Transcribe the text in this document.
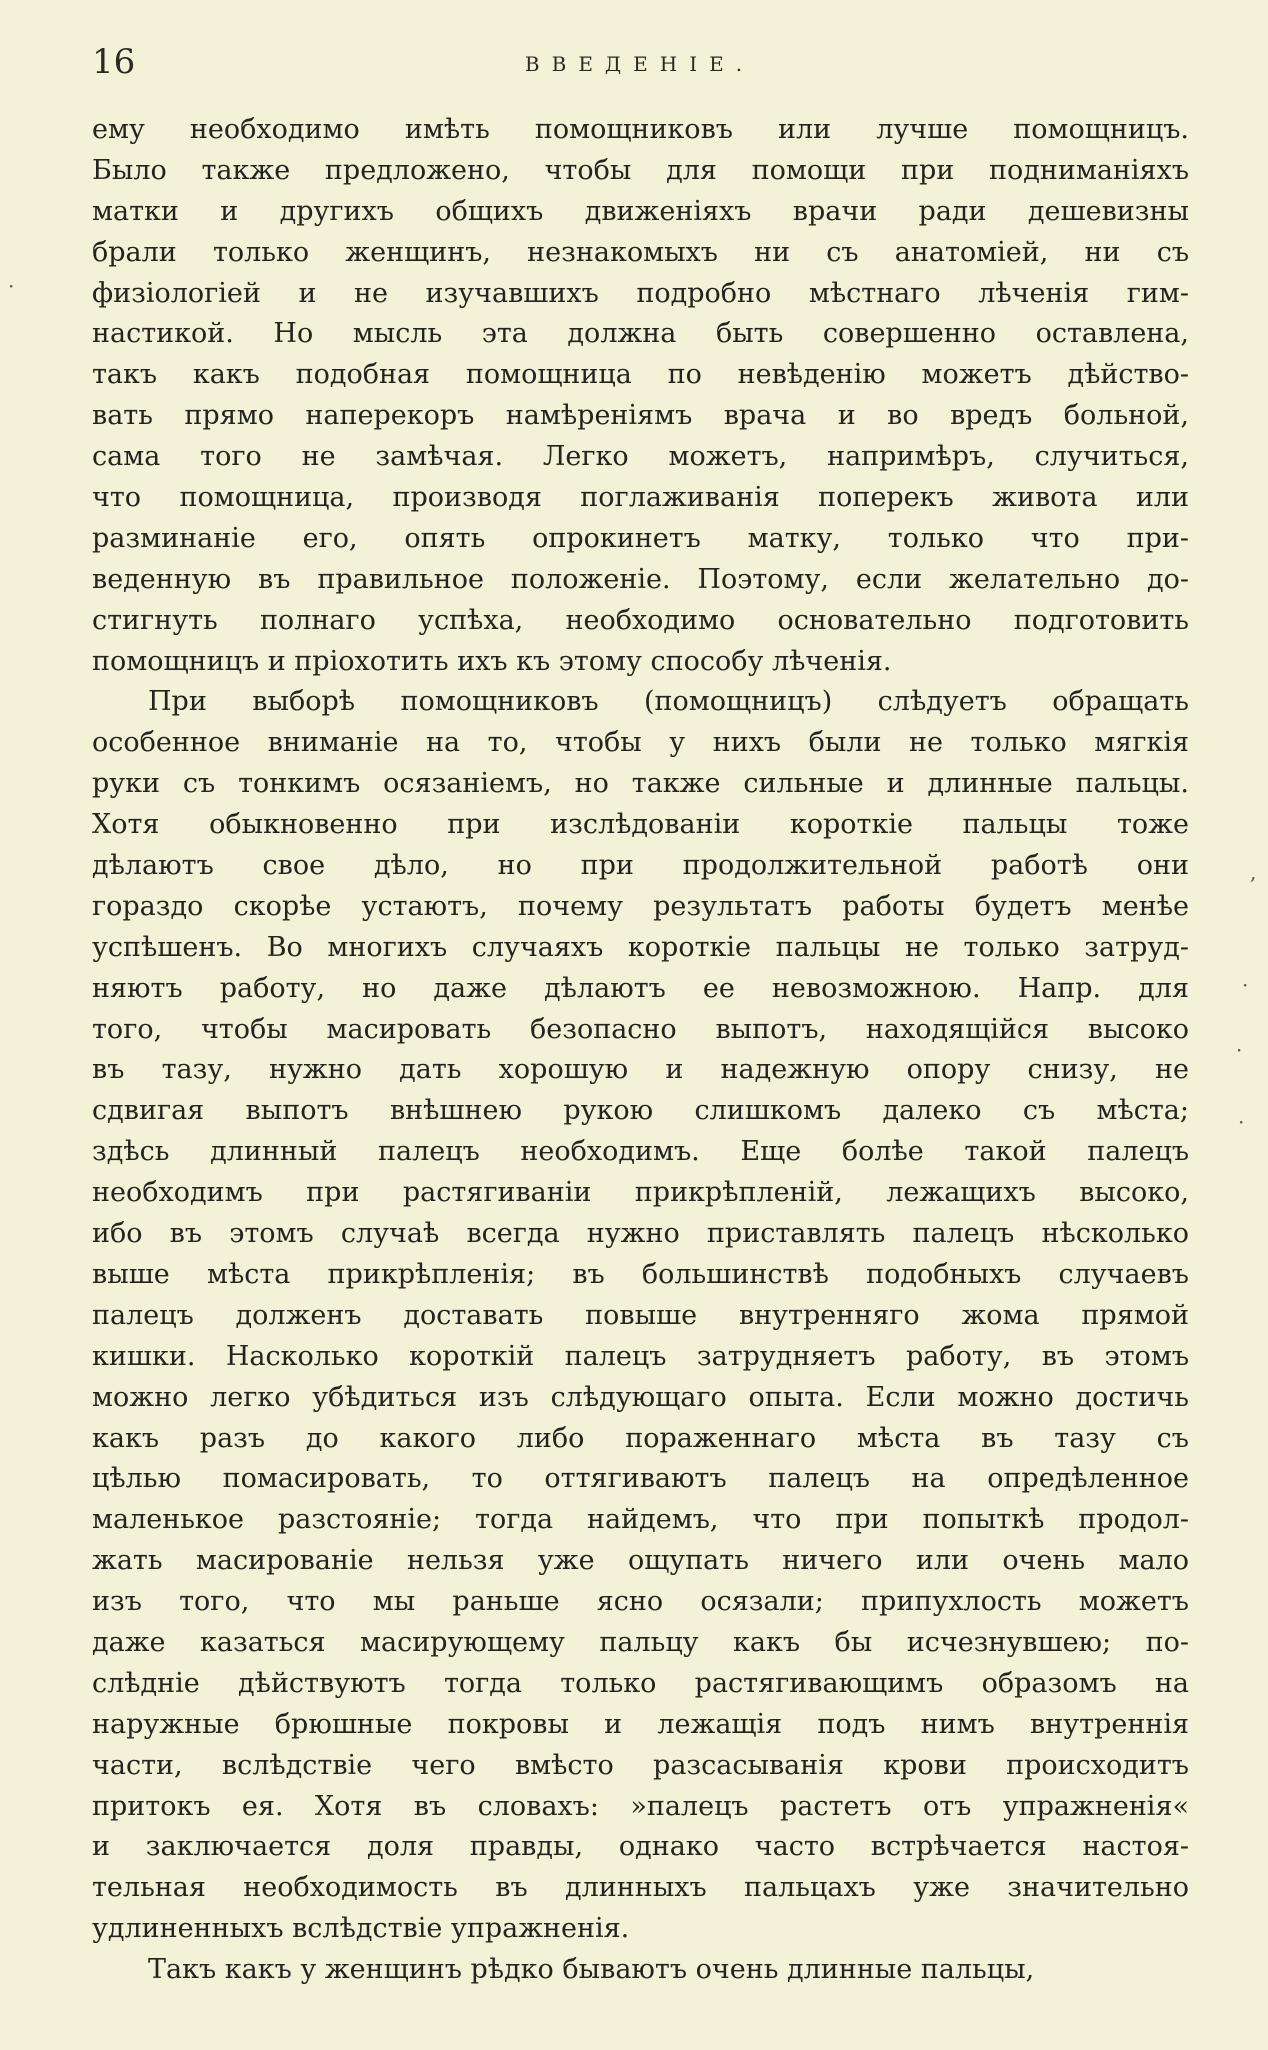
16	ВВЕДЕНІЕ.
ему необходимо имѣть помощниковъ или лучше помощницъ.
Было также предложено, чтобы для помощи при подниманіяхъ
матки и другихъ общихъ движеніяхъ врачи ради дешевизны
брали только женщинъ, незнакомыхъ ни съ анатоміей, ни съ
физіологіей и не изучавшихъ подробно мѣстнаго лѣченія гим-
настикой. Но мысль эта должна быть совершенно оставлена,
такъ какъ подобная помощница по невѣденію можетъ дѣйство-
вать прямо наперекоръ намѣреніямъ врача и во вредъ больной,
сама того не замѣчая. Легко можетъ, напримѣръ, случиться,
что помощница, производя поглаживанія поперекъ живота или
разминаніе его, опять опрокинетъ матку, только что при-
веденную въ правильное положеніе. Поэтому, если желательно до-
стигнуть полнаго успѣха, необходимо основательно подготовить
помощницъ и пріохотить ихъ къ этому способу лѣченія.
При выборѣ помощниковъ (помощницъ) слѣдуетъ обращать
особенное вниманіе на то, чтобы у нихъ были не только мягкія
руки съ тонкимъ осязаніемъ, но также сильные и длинные пальцы.
Хотя обыкновенно при изслѣдованіи короткіе пальцы тоже
дѣлаютъ свое дѣло, но при продолжительной работѣ они
гораздо скорѣе устаютъ, почему результатъ работы будетъ менѣе
успѣшенъ. Во многихъ случаяхъ короткіе пальцы не только затруд-
няютъ работу, но даже дѣлаютъ ее невозможною. Напр. для
того, чтобы масировать безопасно выпотъ, находящійся высоко
въ тазу, нужно дать хорошую и надежную опору снизу, не
сдвигая выпотъ внѣшнею рукою слишкомъ далеко съ мѣста;
здѣсь длинный палецъ необходимъ. Еще болѣе такой палецъ
необходимъ при растягиваніи прикрѣпленій, лежащихъ высоко,
ибо въ этомъ случаѣ всегда нужно приставлять палецъ нѣсколько
выше мѣста прикрѣпленія; въ большинствѣ подобныхъ случаевъ
палецъ долженъ доставать повыше внутренняго жома прямой
кишки. Насколько короткій палецъ затрудняетъ работу, въ этомъ
можно легко убѣдиться изъ слѣдующаго опыта. Если можно достичь
какъ разъ до какого либо пораженнаго мѣста въ тазу съ
цѣлью помасировать, то оттягиваютъ палецъ на опредѣленное
маленькое разстояніе; тогда найдемъ, что при попыткѣ продол-
жать масированіе нельзя уже ощупать ничего или очень мало
изъ того, что мы раньше ясно осязали; припухлость можетъ
даже казаться масирующему пальцу какъ бы исчезнувшею; по-
слѣдніе дѣйствуютъ тогда только растягивающимъ образомъ на
наружные брюшные покровы и лежащія подъ нимъ внутреннія
части, вслѣдствіе чего вмѣсто разсасыванія крови происходитъ
притокъ ея. Хотя въ словахъ: »палецъ растетъ отъ упражненія«
и заключается доля правды, однако часто встрѣчается настоя-
тельная необходимость въ длинныхъ пальцахъ уже значительно
удлиненныхъ вслѣдствіе упражненія.
Такъ какъ у женщинъ рѣдко бываютъ очень длинные пальцы,
·
,
·
·
·
